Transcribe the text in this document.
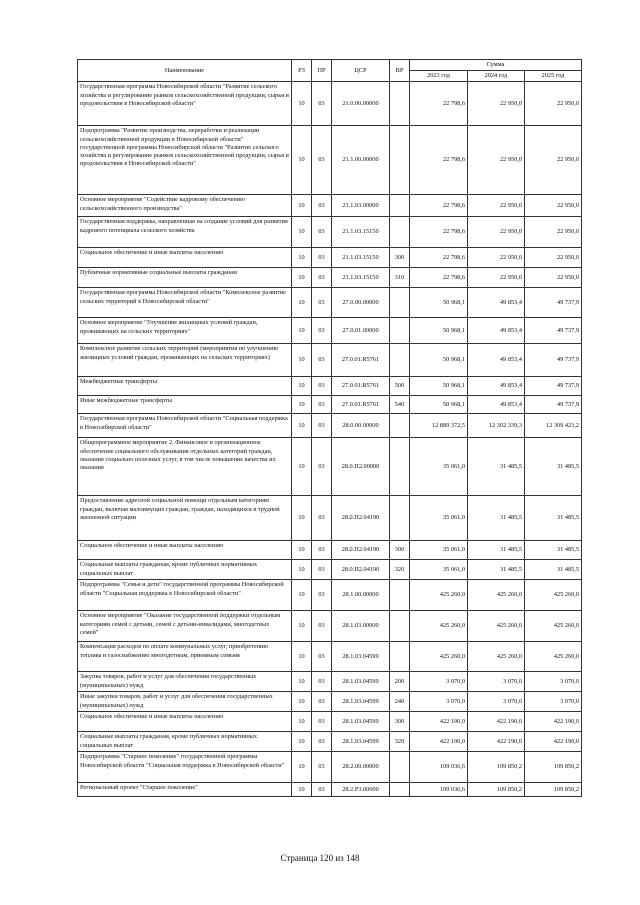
Наименование	РЗ	ПР	ЦСР	ВР	Сумма		
					2023 год	2024 год	2025 год
Государственная программа Новосибирской области "Развитие сельского хозяйства и регулирование рынков сельскохозяйственной продукции, сырья и продовольствия в Новосибирской области"	10	03	21.0.00.00000		22 798,6	22 950,0	22 950,0
Подпрограмма "Развитие производства, переработки и реализации сельскохозяйственной продукции в Новосибирской области" государственной программы Новосибирской области "Развитие сельского хозяйства и регулирование рынков сельскохозяйственной продукции, сырья и продовольствия в Новосибирской области"	10	03	21.1.00.00000		22 798,6	22 950,0	22 950,0
Основное мероприятие "Содействие кадровому обеспечению сельскохозяйственного производства"	10	03	21.1.03.00000		22 798,6	22 950,0	22 950,0
Государственная поддержка, направленная на создание условий для развития кадрового потенциала сельского хозяйства	10	03	21.1.03.15150		22 798,6	22 950,0	22 950,0
Социальное обеспечение и иные выплаты населению	10	03	21.1.03.15150	300	22 798,6	22 950,0	22 950,0
Публичные нормативные социальные выплаты гражданам	10	03	21.1.03.15150	310	22 798,6	22 950,0	22 950,0
Государственная программа Новосибирской области "Комплексное развитие сельских территорий в Новосибирской области"	10	03	27.0.00.00000		50 968,1	49 853,4	49 737,9
Основное мероприятие "Улучшение жилищных условий граждан, проживающих на сельских территориях"	10	03	27.0.01.00000		50 968,1	49 853,4	49 737,9
Комплексное развитие сельских территорий (мероприятия по улучшению жилищных условий граждан, проживающих на сельских территориях)	10	03	27.0.01.R5761		50 968,1	49 853,4	49 737,9
Межбюджетные трансферты	10	03	27.0.01.R5761	500	50 968,1	49 853,4	49 737,9
Иные межбюджетные трансферты	10	03	27.0.01.R5761	540	50 968,1	49 853,4	49 737,9
Государственная программа Новосибирской области "Социальная поддержка в Новосибирской области"	10	03	28.0.00.00000		12 889 372,5	12 302 339,3	12 309 423,2
Общепрограммное мероприятие 2. Финансовое и организационное обеспечение социального обслуживания отдельных категорий граждан, оказания социально полезных услуг, в том числе повышение качества их оказания	10	03	28.0.П2.00000		35 061,0	31 485,5	31 485,5
Предоставление адресной социальной помощи отдельным категориям граждан, включая малоимущих граждан, граждан, находящихся в трудной жизненной ситуации	10	03	28.0.П2.04190		35 061,0	31 485,5	31 485,5
Социальное обеспечение и иные выплаты населению	10	03	28.0.П2.04190	300	35 061,0	31 485,5	31 485,5
Социальные выплаты гражданам, кроме публичных нормативных социальных выплат	10	03	28.0.П2.04190	320	35 061,0	31 485,5	31 485,5
Подпрограмма "Семья и дети" государственной программы Новосибирской области "Социальная поддержка в Новосибирской области"	10	03	28.1.00.00000		425 260,0	425 260,0	425 260,0
Основное мероприятие "Оказание государственной поддержки отдельным категориям семей с детьми, семей с детьми-инвалидами, многодетных семей"	10	03	28.1.03.00000		425 260,0	425 260,0	425 260,0
Компенсация расходов по оплате коммунальных услуг, приобретению топлива и газоснабжению многодетным, приемным семьям	10	03	28.1.03.04599		425 260,0	425 260,0	425 260,0
Закупка товаров, работ и услуг для обеспечения государственных (муниципальных) нужд	10	03	28.1.03.04599	200	3 070,0	3 070,0	3 070,0
Иные закупки товаров, работ и услуг для обеспечения государственных (муниципальных) нужд	10	03	28.1.03.04599	240	3 070,0	3 070,0	3 070,0
Социальное обеспечение и иные выплаты населению	10	03	28.1.03.04599	300	422 190,0	422 190,0	422 190,0
Социальные выплаты гражданам, кроме публичных нормативных социальных выплат	10	03	28.1.03.04599	320	422 190,0	422 190,0	422 190,0
Подпрограмма "Старшее поколение" государственной программы Новосибирской области "Социальная поддержка в Новосибирской области"	10	03	28.2.00.00000		109 036,6	109 850,2	109 850,2
Региональный проект "Старшее поколение"	10	03	28.2.P3.00000		109 036,6	109 850,2	109 850,2
Страница 120 из 148
